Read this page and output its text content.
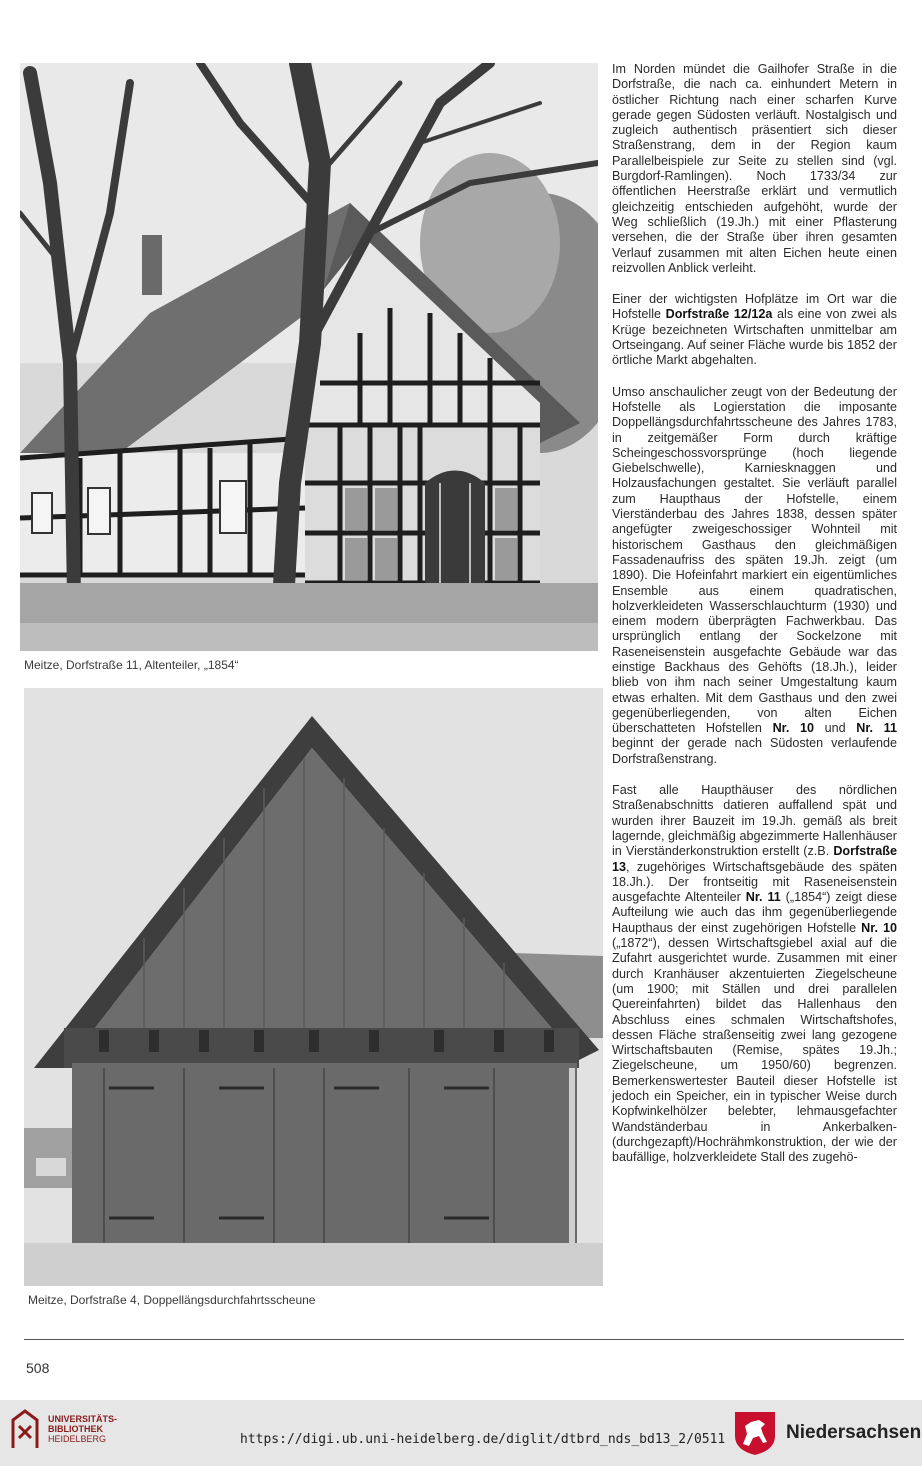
Meitze, Dorfstraße 11, Altenteiler, „1854“
Meitze, Dorfstraße 4, Doppellängsdurchfahrtsscheune

Im Norden mündet die Gailhofer Straße in die Dorfstraße, die nach ca. einhundert Metern in östlicher Richtung nach einer scharfen Kurve gerade gegen Südosten verläuft. Nostalgisch und zugleich authentisch präsentiert sich dieser Straßenstrang, dem in der Region kaum Parallelbeispiele zur Seite zu stellen sind (vgl. Burgdorf-Ramlingen). Noch 1733/34 zur öffentlichen Heerstraße erklärt und vermutlich gleichzeitig entschieden aufgehöht, wurde der Weg schließlich (19.Jh.) mit einer Pflasterung versehen, die der Straße über ihren gesamten Verlauf zusammen mit alten Eichen heute einen reizvollen Anblick verleiht.

Einer der wichtigsten Hofplätze im Ort war die Hofstelle Dorfstraße 12/12a als eine von zwei als Krüge bezeichneten Wirtschaften unmittelbar am Ortseingang. Auf seiner Fläche wurde bis 1852 der örtliche Markt abgehalten.

Umso anschaulicher zeugt von der Bedeutung der Hofstelle als Logierstation die imposante Doppellängsdurchfahrtsscheune des Jahres 1783, in zeitgemäßer Form durch kräftige Scheingeschossvorsprünge (hoch liegende Giebelschwelle), Karniesknaggen und Holzausfachungen gestaltet. Sie verläuft parallel zum Haupthaus der Hofstelle, einem Vierständerbau des Jahres 1838, dessen später angefügter zweigeschossiger Wohnteil mit historischem Gasthaus den gleichmäßigen Fassadenaufriss des späten 19.Jh. zeigt (um 1890). Die Hofeinfahrt markiert ein eigentümliches Ensemble aus einem quadratischen, holzverkleideten Wasserschlauchturm (1930) und einem modern überprägten Fachwerkbau. Das ursprünglich entlang der Sockelzone mit Raseneisenstein ausgefachte Gebäude war das einstige Backhaus des Gehöfts (18.Jh.), leider blieb von ihm nach seiner Umgestaltung kaum etwas erhalten. Mit dem Gasthaus und den zwei gegenüberliegenden, von alten Eichen überschatteten Hofstellen Nr. 10 und Nr. 11 beginnt der gerade nach Südosten verlaufende Dorfstraßenstrang.

Fast alle Haupthäuser des nördlichen Straßenabschnitts datieren auffallend spät und wurden ihrer Bauzeit im 19.Jh. gemäß als breit lagernde, gleichmäßig abgezimmerte Hallenhäuser in Vierständerkonstruktion erstellt (z.B. Dorfstraße 13, zugehöriges Wirtschaftsgebäude des späten 18.Jh.). Der frontseitig mit Raseneisenstein ausgefachte Altenteiler Nr. 11 („1854“) zeigt diese Aufteilung wie auch das ihm gegenüberliegende Haupthaus der einst zugehörigen Hofstelle Nr. 10 („1872“), dessen Wirtschaftsgiebel axial auf die Zufahrt ausgerichtet wurde. Zusammen mit einer durch Kranhäuser akzentuierten Ziegelscheune (um 1900; mit Ställen und drei parallelen Quereinfahrten) bildet das Hallenhaus den Abschluss eines schmalen Wirtschaftshofes, dessen Fläche straßenseitig zwei lang gezogene Wirtschaftsbauten (Remise, spätes 19.Jh.; Ziegelscheune, um 1950/60) begrenzen. Bemerkenswertester Bauteil dieser Hofstelle ist jedoch ein Speicher, ein in typischer Weise durch Kopfwinkelhölzer belebter, lehmausgefachter Wandständerbau in Ankerbalken-(durchgezapft)/Hochrähmkonstruktion, der wie der baufällige, holzverkleidete Stall des zugehö-

508
UNIVERSITÄTS-
BIBLIOTHEK
HEIDELBERG	https://digi.ub.uni-heidelberg.de/diglit/dtbrd_nds_bd13_2/0511	Niedersachsen
